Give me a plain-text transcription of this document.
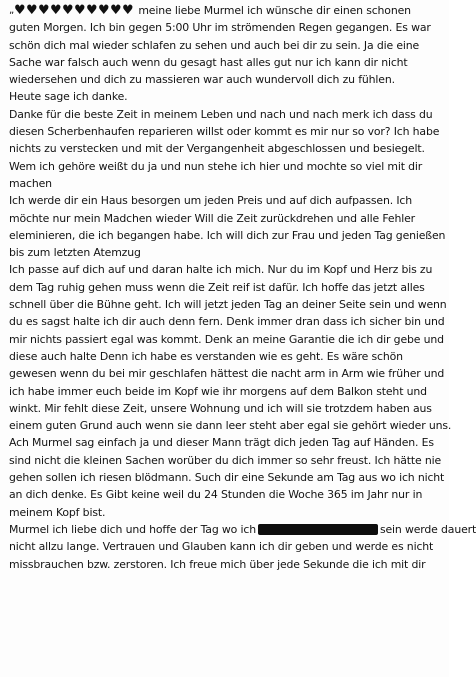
„ ♥ ♥ ♥ ♥ ♥ ♥ ♥ ♥ ♥ ♥	meine liebe Murmel ich wünsche dir einen schonen
guten Morgen. Ich bin gegen 5:00 Uhr im strömenden Regen gegangen. Es war
schön dich mal wieder schlafen zu sehen und auch bei dir zu sein. Ja die eine
Sache war falsch auch wenn du gesagt hast alles gut nur ich kann dir nicht
wiedersehen und dich zu massieren war auch wundervoll dich zu fühlen.
Heute sage ich danke.
Danke für die beste Zeit in meinem Leben und nach und nach merk ich dass du
diesen Scherbenhaufen reparieren willst oder kommt es mir nur so vor? Ich habe
nichts zu verstecken und mit der Vergangenheit abgeschlossen und besiegelt.
Wem ich gehöre weißt du ja und nun stehe ich hier und mochte so viel mit dir
machen
Ich werde dir ein Haus besorgen um jeden Preis und auf dich aufpassen. Ich
möchte nur mein Madchen wieder Will die Zeit zurückdrehen und alle Fehler
eleminieren, die ich begangen habe. Ich will dich zur Frau und jeden Tag genießen
bis zum letzten Atemzug
Ich passe auf dich auf und daran halte ich mich. Nur du im Kopf und Herz bis zu
dem Tag ruhig gehen muss wenn die Zeit reif ist dafür. Ich hoffe das jetzt alles
schnell über die Bühne geht. Ich will jetzt jeden Tag an deiner Seite sein und wenn
du es sagst halte ich dir auch denn fern. Denk immer dran dass ich sicher bin und
mir nichts passiert egal was kommt. Denk an meine Garantie die ich dir gebe und
diese auch halte Denn ich habe es verstanden wie es geht. Es wäre schön
gewesen wenn du bei mir geschlafen hättest die nacht arm in Arm wie früher und
ich habe immer euch beide im Kopf wie ihr morgens auf dem Balkon steht und
winkt. Mir fehlt diese Zeit, unsere Wohnung und ich will sie trotzdem haben aus
einem guten Grund auch wenn sie dann leer steht aber egal sie gehört wieder uns.
Ach Murmel sag einfach ja und dieser Mann trägt dich jeden Tag auf Händen. Es
sind nicht die kleinen Sachen worüber du dich immer so sehr freust. Ich hätte nie
gehen sollen ich riesen blödmann. Such dir eine Sekunde am Tag aus wo ich nicht
an dich denke. Es Gibt keine weil du 24 Stunden die Woche 365 im Jahr nur in
meinem Kopf bist.
Murmel ich liebe dich und hoffe der Tag wo ich	sein werde dauert
nicht allzu lange. Vertrauen und Glauben kann ich dir geben und werde es nicht
missbrauchen bzw. zerstoren. Ich freue mich über jede Sekunde die ich mit dir
